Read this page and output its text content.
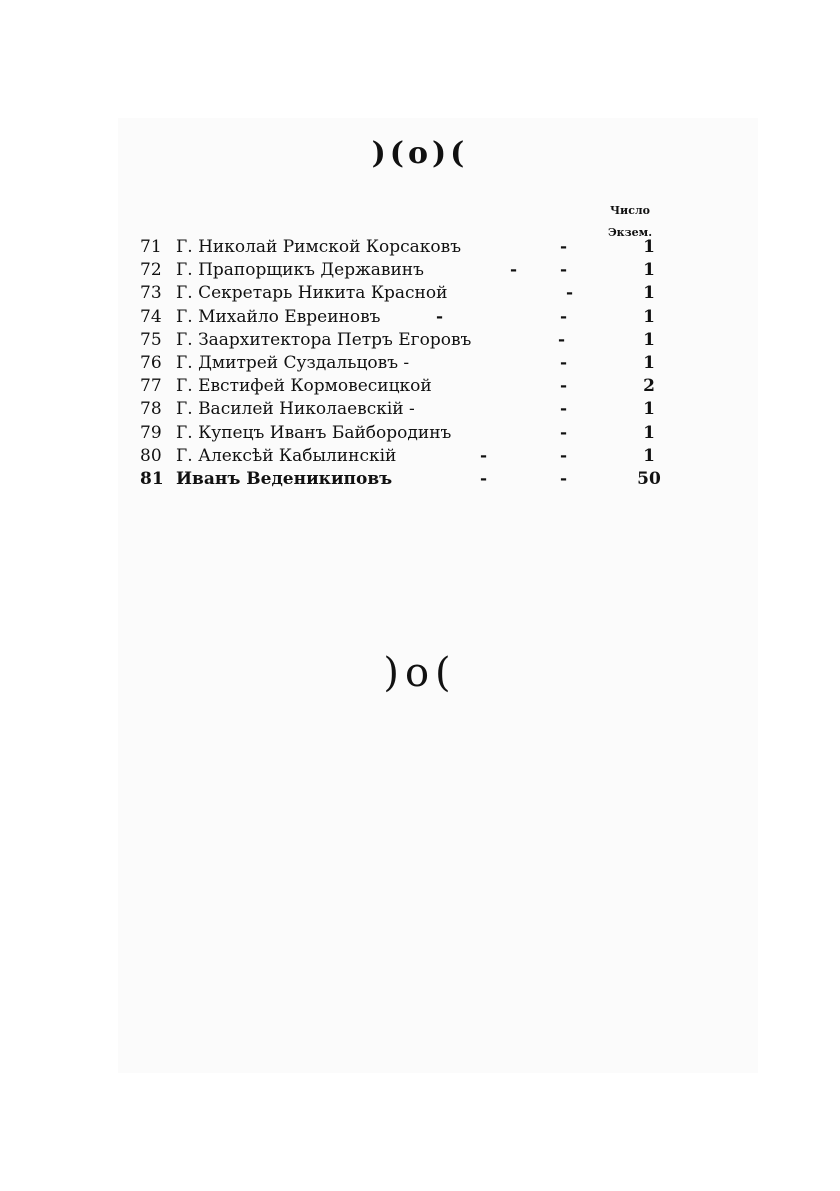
)(o)(
Число
Экзем.
71 Г. Николай Римской Корсаковъ	-	1
72 Г. Прапорщикъ Державинъ	-	-	1
73 Г. Секретарь Никита Красной	-	1
74 Г. Михайло Евреиновъ	-	-	1
75 Г. Заархитектора Петръ Егоровъ	-	1
76 Г. Дмитрей Суздальцовъ -	-	1
77 Г. Евстифей Кормовесицкой	-	2
78 Г. Василей Николаевскій -	-	1
79 Г. Купецъ Иванъ Байбородинъ	-	1
80 Г. Алексѣй Кабылинскій	-	-	1
81 Иванъ Веденикиповъ	-	-	50
)o(
